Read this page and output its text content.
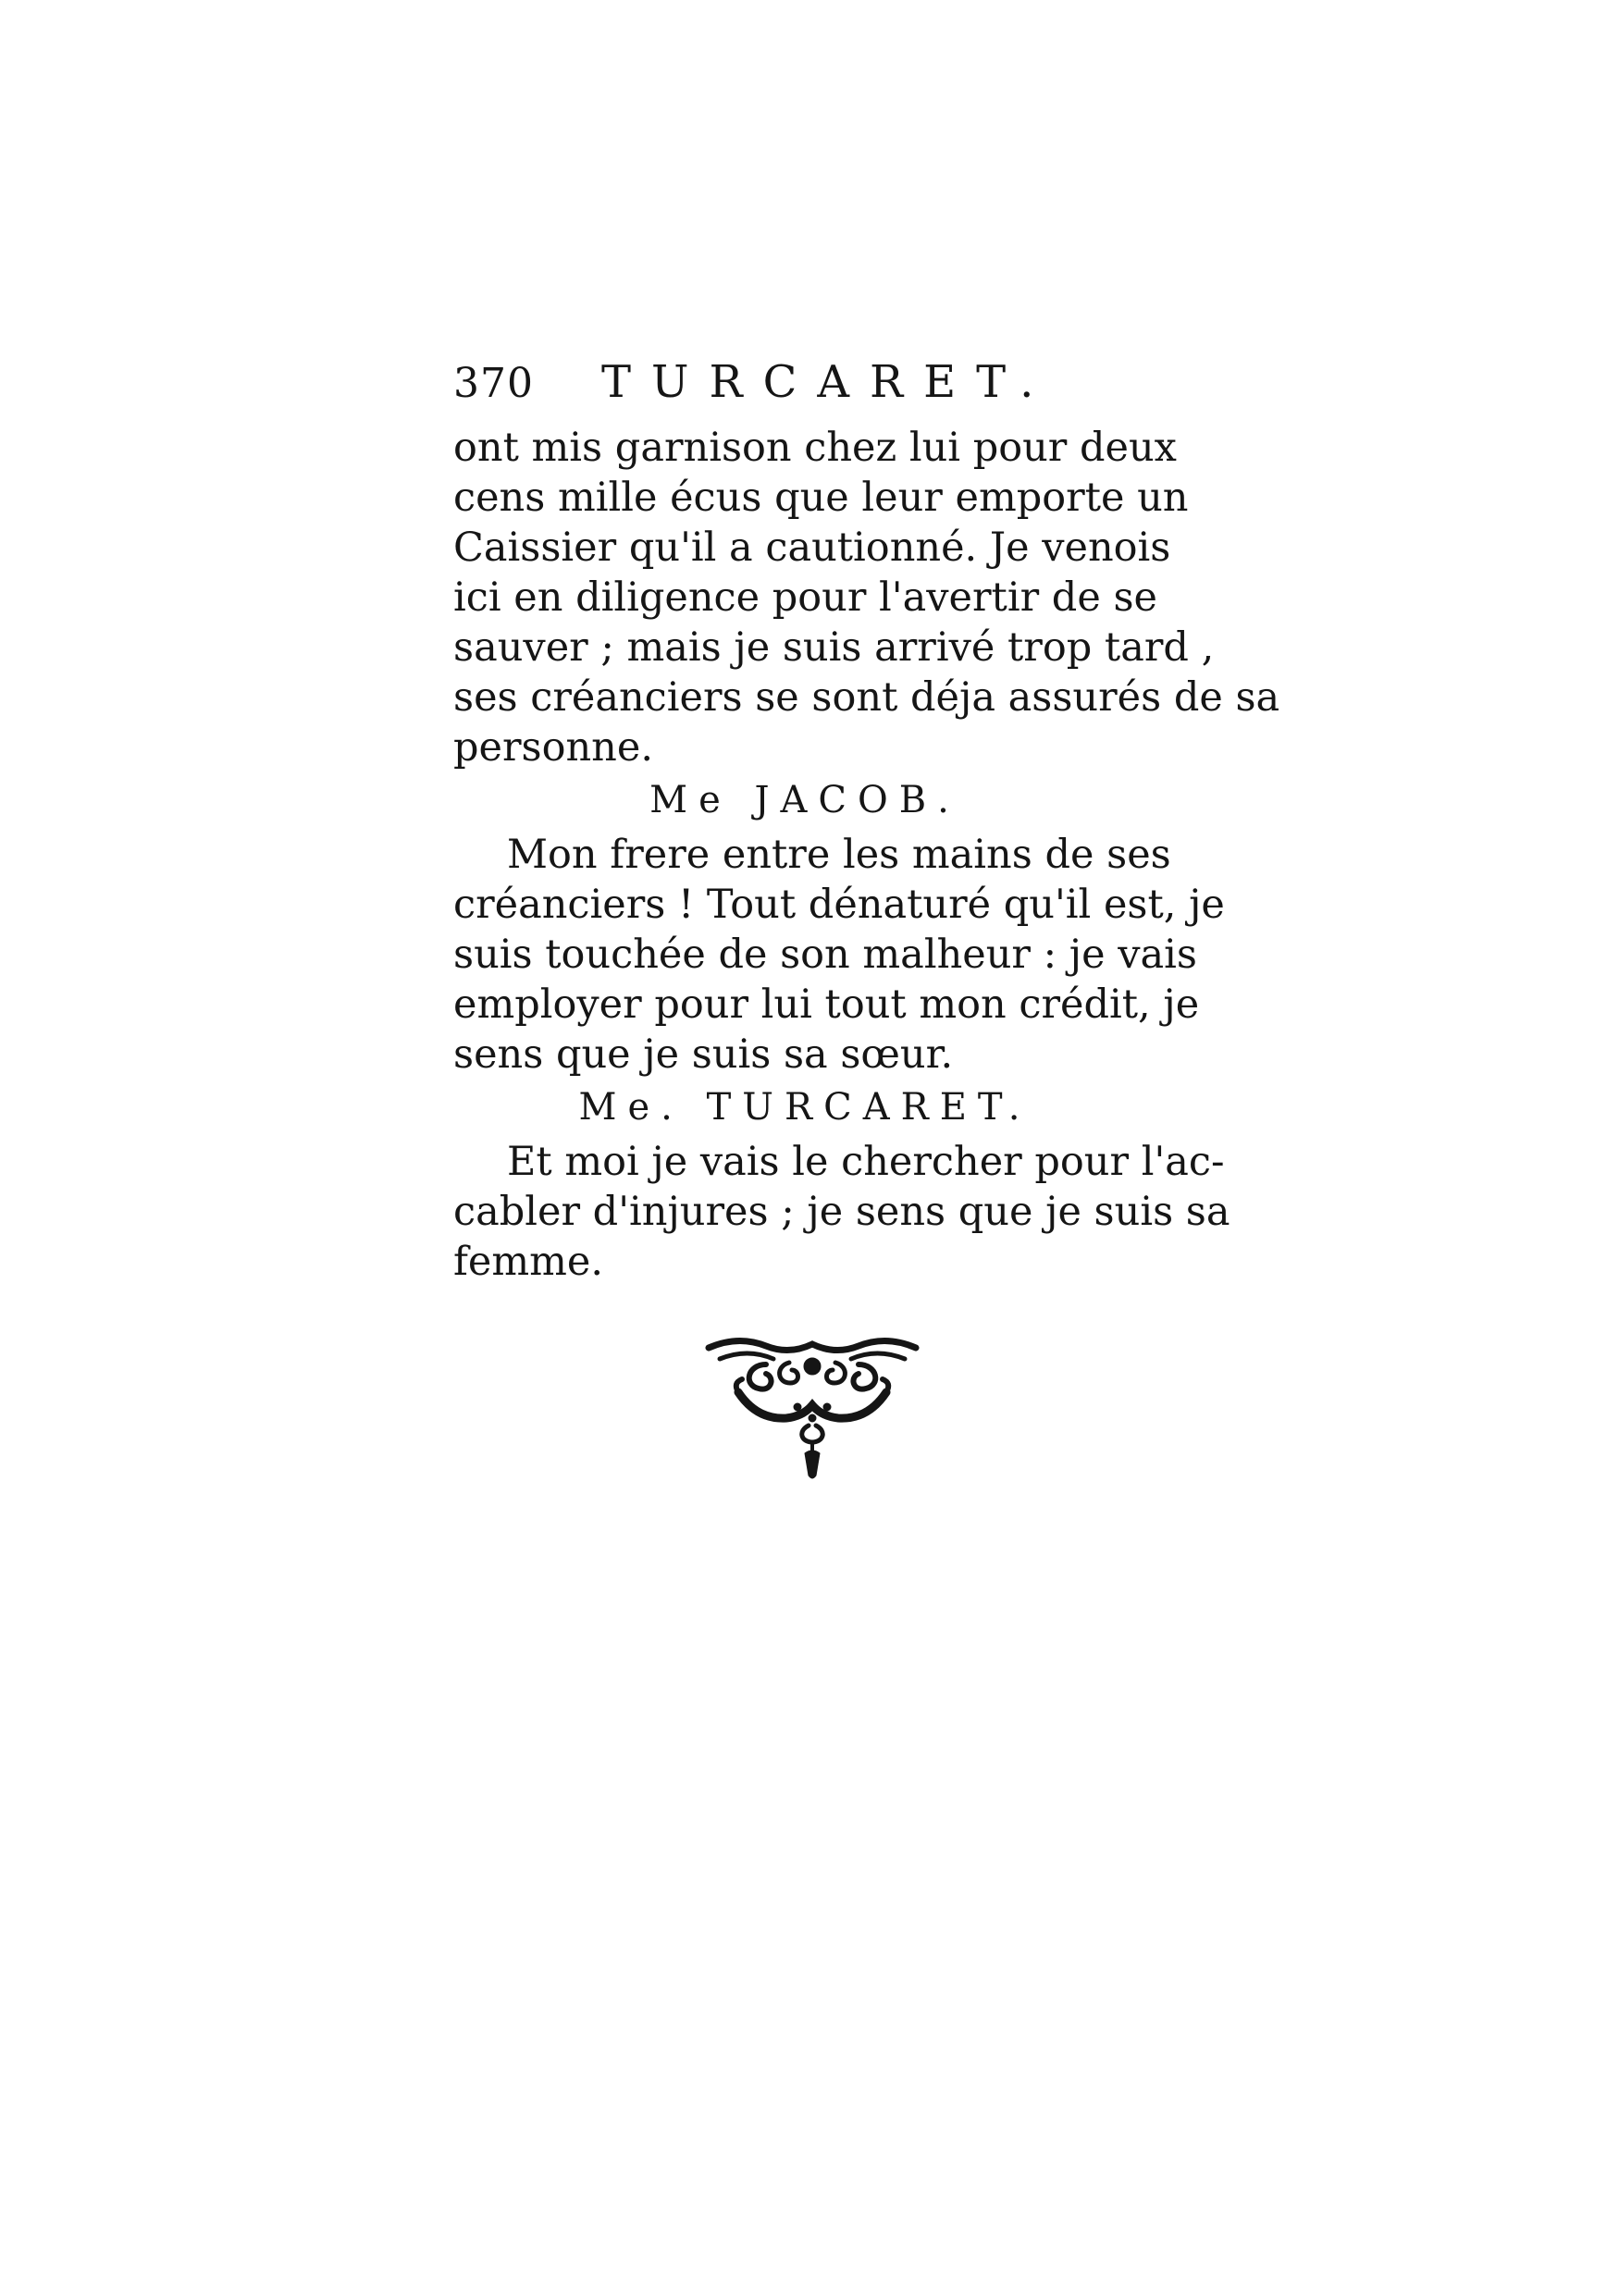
370 TURCARET.
ont mis garnison chez lui pour deux
cens mille écus que leur emporte un
Caissier qu'il a cautionné. Je venois
ici en diligence pour l'avertir de se
sauver ; mais je suis arrivé trop tard ,
ses créanciers se sont déja assurés de sa
personne.
Me JACOB.
Mon frere entre les mains de ses
créanciers ! Tout dénaturé qu'il est, je
suis touchée de son malheur : je vais
employer pour lui tout mon crédit, je
sens que je suis sa sœur.
Me. TURCARET.
Et moi je vais le chercher pour l'ac-
cabler d'injures ; je sens que je suis sa
femme.
